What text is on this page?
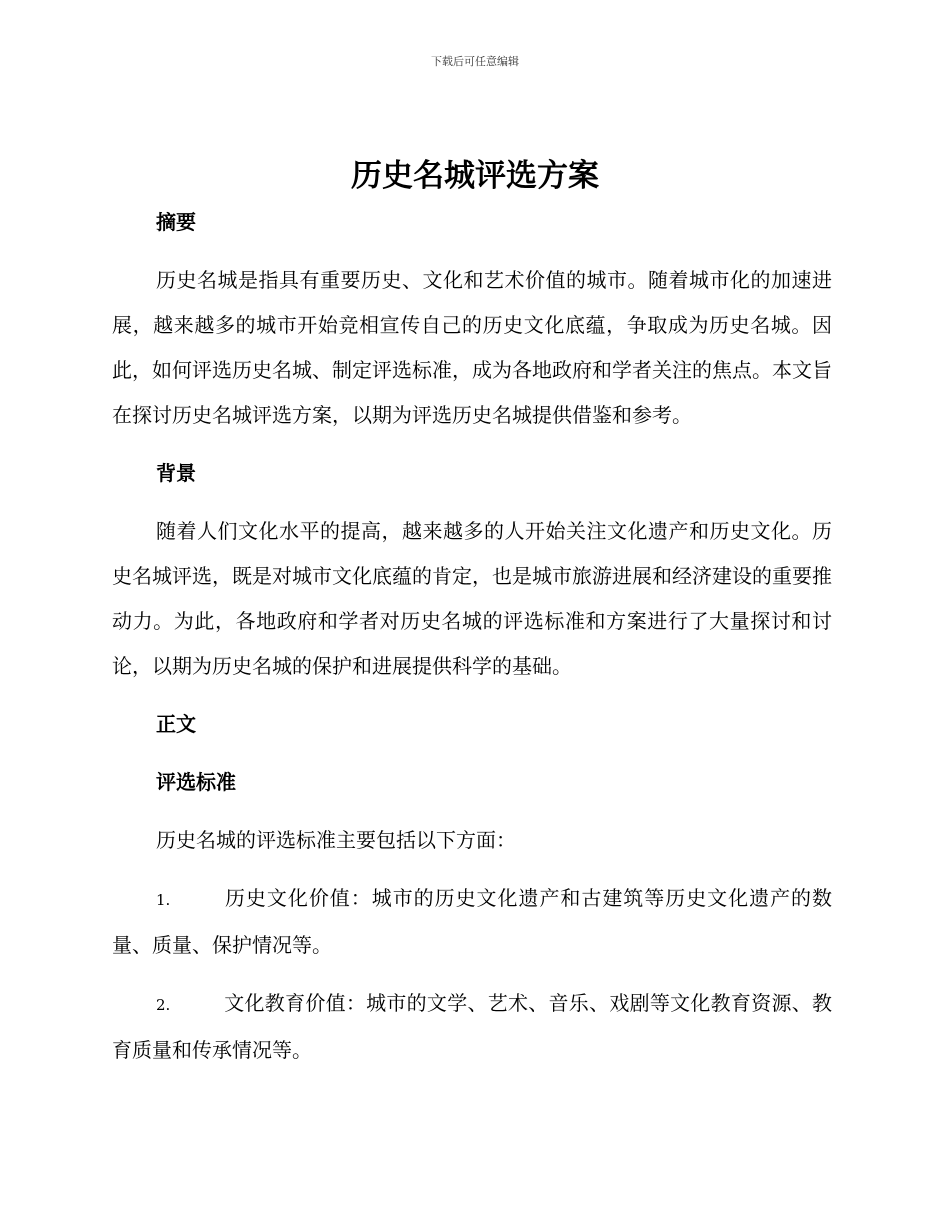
下载后可任意编辑
历史名城评选方案
摘要

历史名城是指具有重要历史、文化和艺术价值的城市。随着城市化的加速进展，越来越多的城市开始竞相宣传自己的历史文化底蕴，争取成为历史名城。因此，如何评选历史名城、制定评选标准，成为各地政府和学者关注的焦点。本文旨在探讨历史名城评选方案，以期为评选历史名城提供借鉴和参考。

背景

随着人们文化水平的提高，越来越多的人开始关注文化遗产和历史文化。历史名城评选，既是对城市文化底蕴的肯定，也是城市旅游进展和经济建设的重要推动力。为此，各地政府和学者对历史名城的评选标准和方案进行了大量探讨和讨论，以期为历史名城的保护和进展提供科学的基础。

正文
评选标准

历史名城的评选标准主要包括以下方面：

1.	历史文化价值：城市的历史文化遗产和古建筑等历史文化遗产的数量、质量、保护情况等。
2.	文化教育价值：城市的文学、艺术、音乐、戏剧等文化教育资源、教育质量和传承情况等。
